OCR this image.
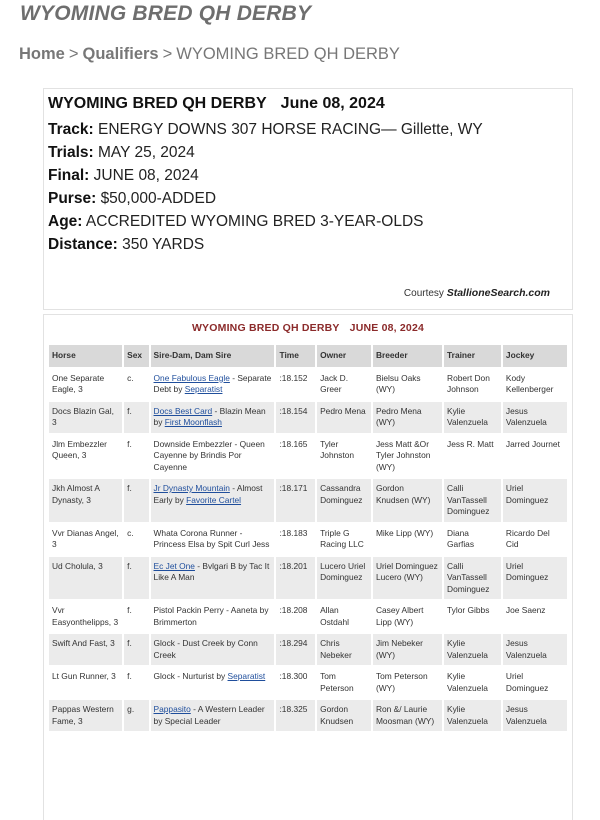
WYOMING BRED QH DERBY
Home > Qualifiers > WYOMING BRED QH DERBY
WYOMING BRED QH DERBY June 08, 2024
Track: ENERGY DOWNS 307 HORSE RACING— Gillette, WY
Trials: MAY 25, 2024
Final: JUNE 08, 2024
Purse: $50,000-ADDED
Age: ACCREDITED WYOMING BRED 3-YEAR-OLDS
Distance: 350 YARDS
Courtesy StallioneSearch.com
WYOMING BRED QH DERBY JUNE 08, 2024
Horse	Sex	Sire-Dam, Dam Sire	Time	Owner	Breeder	Trainer	Jockey
One Separate Eagle, 3	c.	One Fabulous Eagle - Separate Debt by Separatist	:18.152	Jack D. Greer	Bielsu Oaks (WY)	Robert Don Johnson	Kody Kellenberger
Docs Blazin Gal, 3	f.	Docs Best Card - Blazin Mean by First Moonflash	:18.154	Pedro Mena	Pedro Mena (WY)	Kylie Valenzuela	Jesus Valenzuela
Jlm Embezzler Queen, 3	f.	Downside Embezzler - Queen Cayenne by Brindis Por Cayenne	:18.165	Tyler Johnston	Jess Matt &Or Tyler Johnston (WY)	Jess R. Matt	Jarred Journet
Jkh Almost A Dynasty, 3	f.	Jr Dynasty Mountain - Almost Early by Favorite Cartel	:18.171	Cassandra Dominguez	Gordon Knudsen (WY)	Calli VanTassell Dominguez	Uriel Dominguez
Vvr Dianas Angel, 3	c.	Whata Corona Runner - Princess Elsa by Spit Curl Jess	:18.183	Triple G Racing LLC	Mike Lipp (WY)	Diana Garfias	Ricardo Del Cid
Ud Cholula, 3	f.	Ec Jet One - Bvlgari B by Tac It Like A Man	:18.201	Lucero Uriel Dominguez	Uriel Dominguez Lucero (WY)	Calli VanTassell Dominguez	Uriel Dominguez
Vvr Easyonthelipps, 3	f.	Pistol Packin Perry - Aaneta by Brimmerton	:18.208	Allan Ostdahl	Casey Albert Lipp (WY)	Tylor Gibbs	Joe Saenz
Swift And Fast, 3	f.	Glock - Dust Creek by Conn Creek	:18.294	Chris Nebeker	Jim Nebeker (WY)	Kylie Valenzuela	Jesus Valenzuela
Lt Gun Runner, 3	f.	Glock - Nurturist by Separatist	:18.300	Tom Peterson	Tom Peterson (WY)	Kylie Valenzuela	Uriel Dominguez
Pappas Western Fame, 3	g.	Pappasito - A Western Leader by Special Leader	:18.325	Gordon Knudsen	Ron &/ Laurie Moosman (WY)	Kylie Valenzuela	Jesus Valenzuela
